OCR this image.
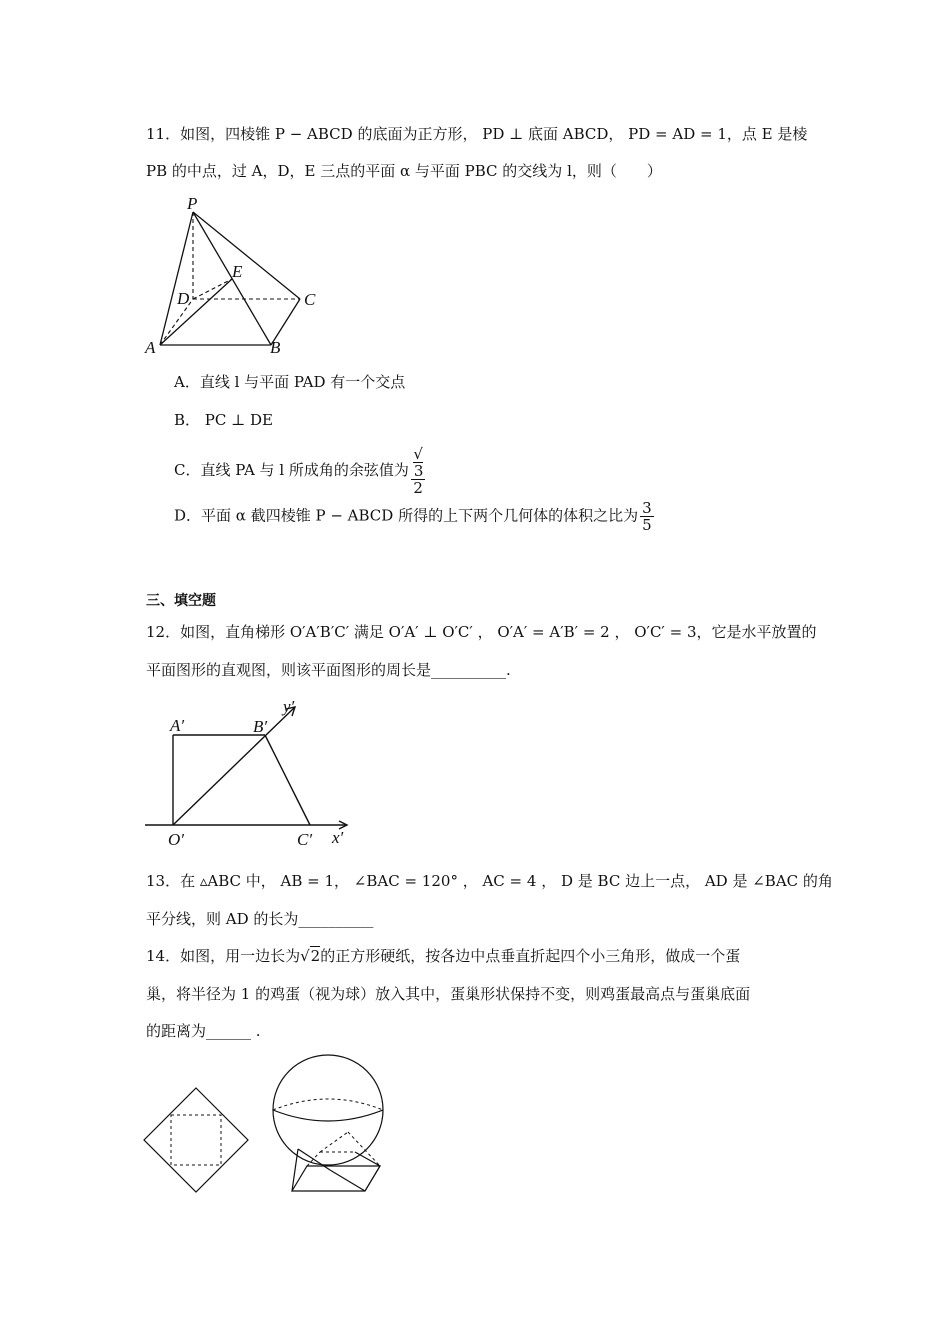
11．如图，四棱锥 P − ABCD 的底面为正方形， PD ⊥ 底面 ABCD， PD = AD = 1，点 E 是棱
PB 的中点，过 A，D，E 三点的平面 α 与平面 PBC 的交线为 l，则（　　）
P
E
D	C
A	B
A．直线 l 与平面 PAD 有一个交点
B． PC ⊥ DE
C．直线 PA 与 l 所成角的余弦值为 √
3
2
D．平面 α 截四棱锥 P − ABCD 所得的上下两个几何体的体积之比为 $\frac{3}{5}$
三、填空题
12．如图，直角梯形 O′A′B′C′ 满足 O′A′ ⊥ O′C′ ， O′A′ = A′B′ = 2 ， O′C′ = 3，它是水平放置的
平面图形的直观图，则该平面图形的周长是__________.
A′	B′
y′
O′	C′ x′
13．在 ▵ABC 中， AB = 1， ∠BAC = 120° ， AC = 4 ， D 是 BC 边上一点， AD 是 ∠BAC 的角
平分线，则 AD 的长为__________
14．如图，用一边长为√2的正方形硬纸，按各边中点垂直折起四个小三角形，做成一个蛋
巢，将半径为 1 的鸡蛋（视为球）放入其中，蛋巢形状保持不变，则鸡蛋最高点与蛋巢底面
的距离为______ .
